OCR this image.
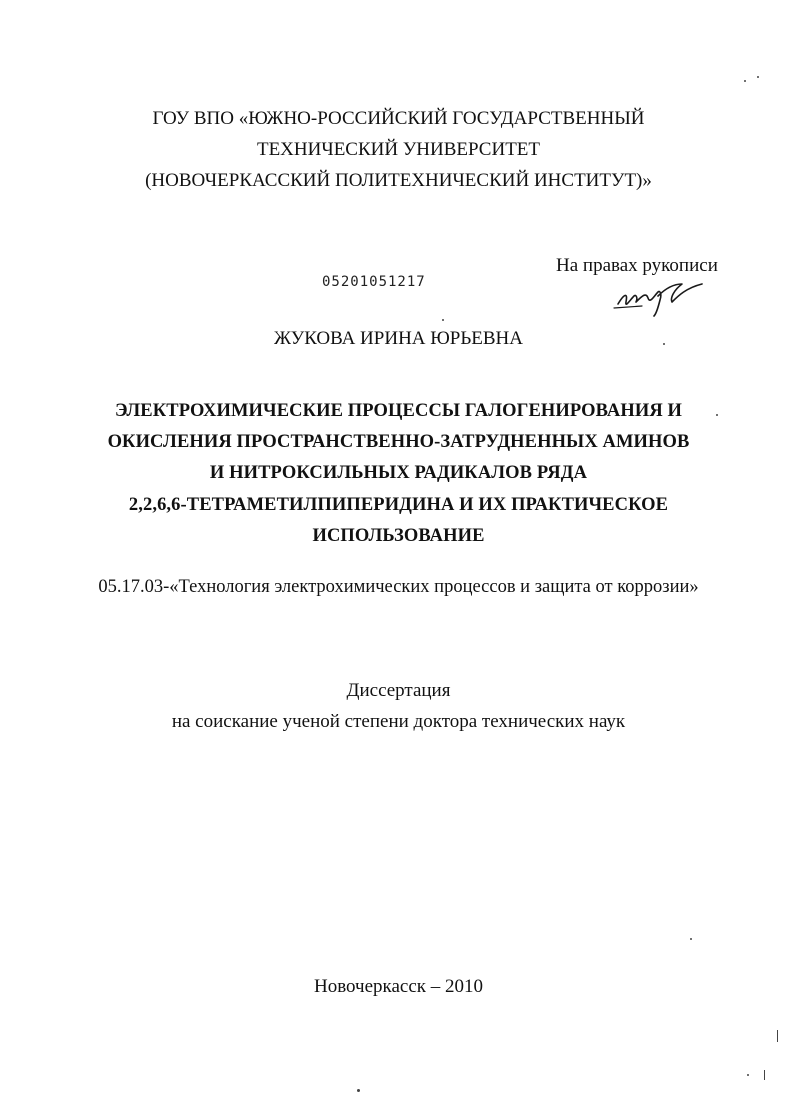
ГОУ ВПО «ЮЖНО-РОССИЙСКИЙ ГОСУДАРСТВЕННЫЙ
ТЕХНИЧЕСКИЙ УНИВЕРСИТЕТ
(НОВОЧЕРКАССКИЙ ПОЛИТЕХНИЧЕСКИЙ ИНСТИТУТ)»
На правах рукописи
05201051217
ЖУКОВА ИРИНА ЮРЬЕВНА
ЭЛЕКТРОХИМИЧЕСКИЕ ПРОЦЕССЫ ГАЛОГЕНИРОВАНИЯ И
ОКИСЛЕНИЯ ПРОСТРАНСТВЕННО-ЗАТРУДНЕННЫХ АМИНОВ
И НИТРОКСИЛЬНЫХ РАДИКАЛОВ РЯДА
2,2,6,6-ТЕТРАМЕТИЛПИПЕРИДИНА И ИХ ПРАКТИЧЕСКОЕ
ИСПОЛЬЗОВАНИЕ
05.17.03-«Технология электрохимических процессов и защита от коррозии»
Диссертация
на соискание ученой степени доктора технических наук
Новочеркасск – 2010
